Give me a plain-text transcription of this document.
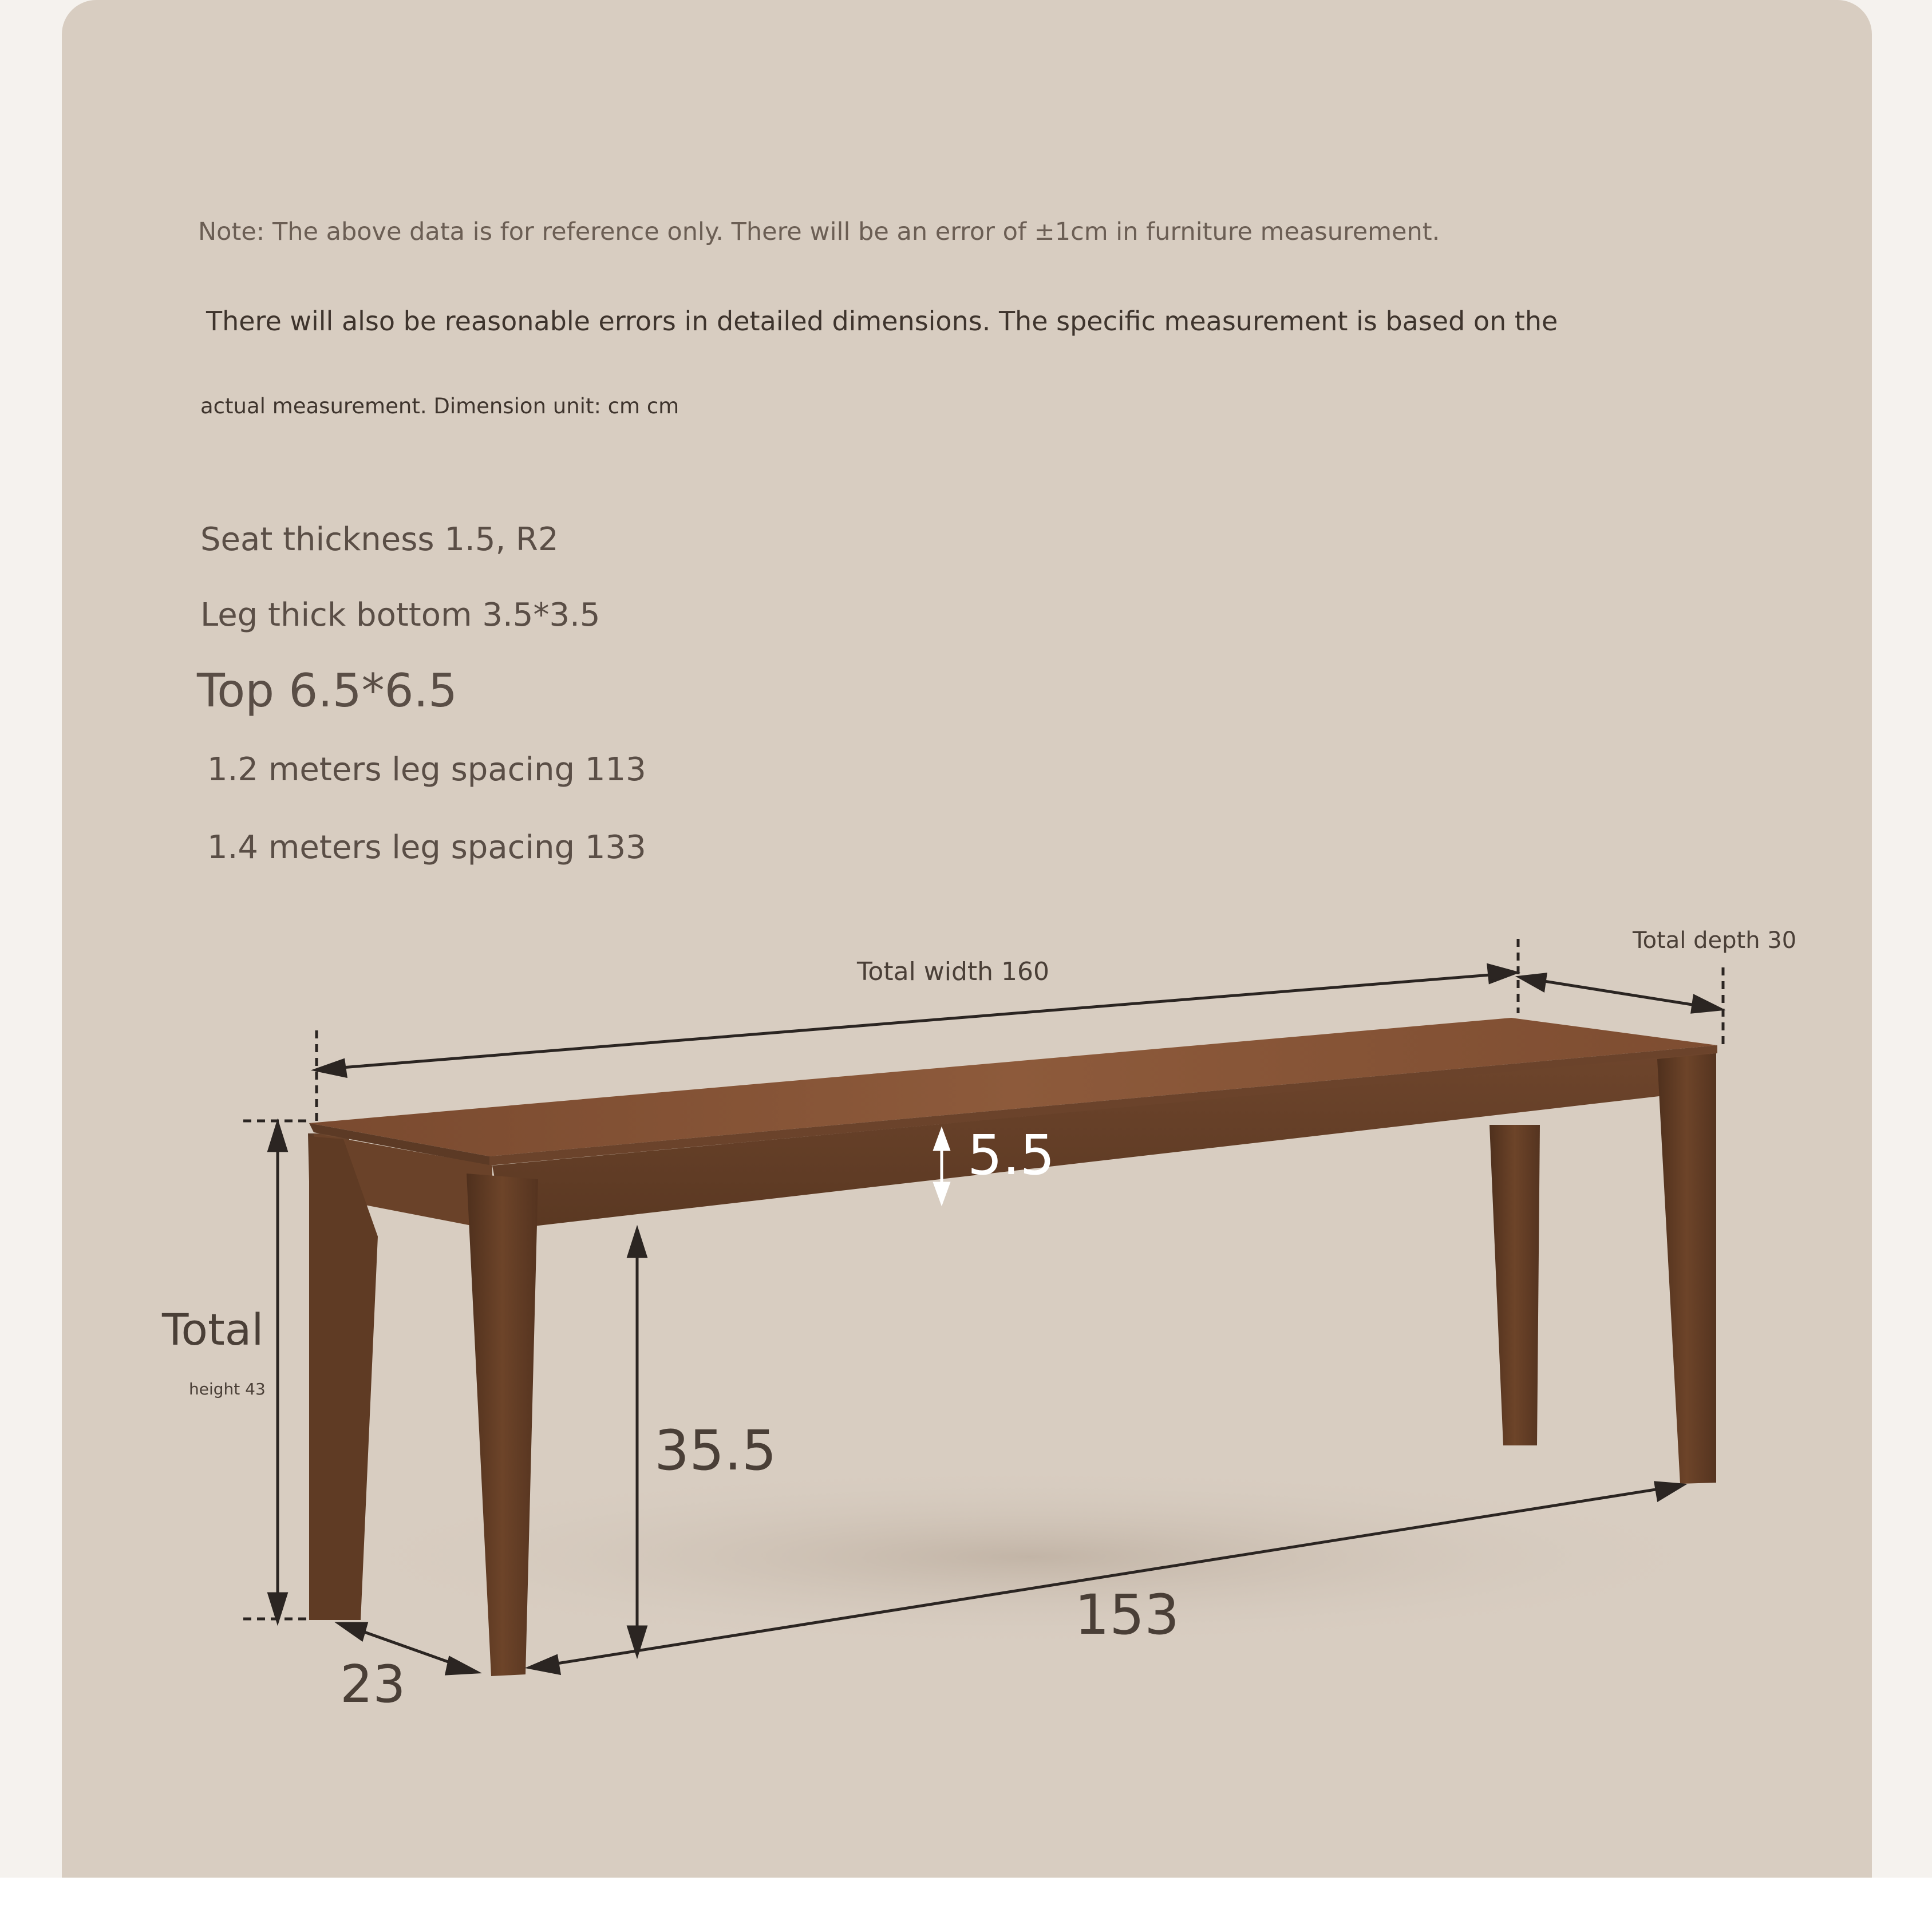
Note: The above data is for reference only. There will be an error of ±1cm in furniture measurement.
There will also be reasonable errors in detailed dimensions. The specific measurement is based on the
actual measurement. Dimension unit: cm cm
Seat thickness 1.5, R2
Leg thick bottom 3.5*3.5
Top 6.5*6.5
1.2 meters leg spacing 113
1.4 meters leg spacing 133
Total width 160
Total depth 30
5.5
35.5
Total
height 43
153
23
